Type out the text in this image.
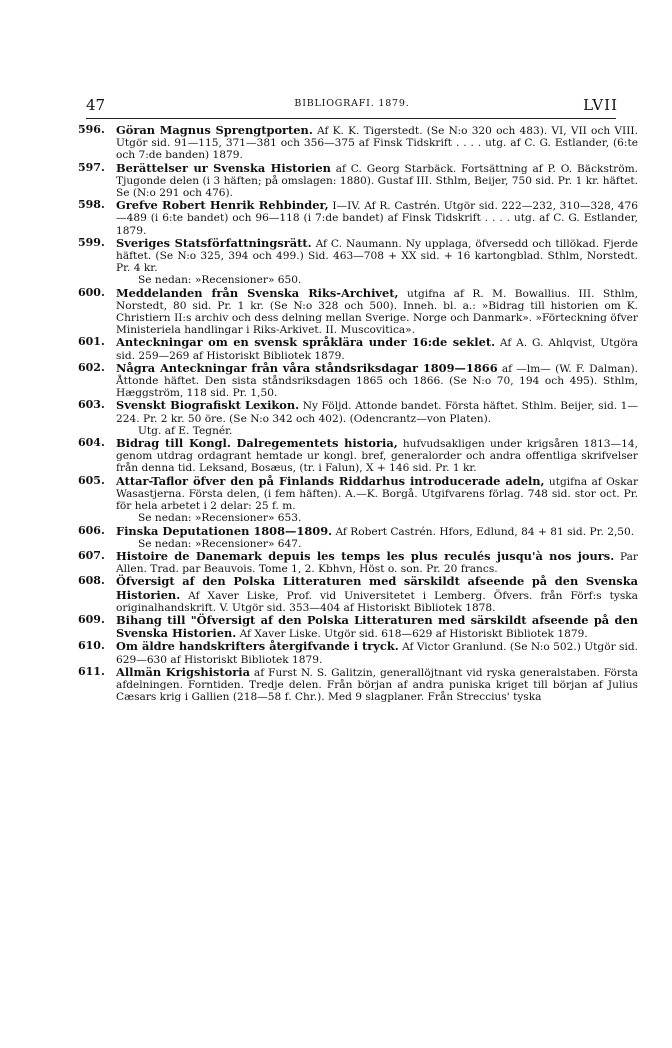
47	BIBLIOGRAFI. 1879.	LVII
596. Göran Magnus Sprengtporten. Af K. K. Tigerstedt. (Se N:o 320 och 483). VI, VII och VIII. Utgör sid. 91—115, 371—381 och 356—375 af Finsk Tidskrift . . . . utg. af C. G. Estlander, (6:te och 7:de banden) 1879.
597. Berättelser ur Svenska Historien af C. Georg Starbäck. Fortsättning af P. O. Bäckström. Tjugonde delen (i 3 häften; på omslagen: 1880). Gustaf III. Sthlm, Beijer, 750 sid. Pr. 1 kr. häftet. Se (N:o 291 och 476).
598. Grefve Robert Henrik Rehbinder, I—IV. Af R. Castrén. Utgör sid. 222—232, 310—328, 476—489 (i 6:te bandet) och 96—118 (i 7:de bandet) af Finsk Tidskrift . . . . utg. af C. G. Estlander, 1879.
599. Sveriges Statsförfattningsrätt. Af C. Naumann. Ny upplaga, öfversedd och tillökad. Fjerde häftet. (Se N:o 325, 394 och 499.) Sid. 463—708 + XX sid. + 16 kartongblad. Sthlm, Norstedt. Pr. 4 kr.
Se nedan: »Recensioner» 650.
600. Meddelanden från Svenska Riks-Archivet, utgifna af R. M. Bowallius. III. Sthlm, Norstedt, 80 sid. Pr. 1 kr. (Se N:o 328 och 500). Inneh. bl. a.: »Bidrag till historien om K. Christiern II:s archiv och dess delning mellan Sverige. Norge och Danmark». »Förteckning öfver Ministeriela handlingar i Riks-Arkivet. II. Muscovitica».
601. Anteckningar om en svensk språklära under 16:de seklet. Af A. G. Ahlqvist, Utgöra sid. 259—269 af Historiskt Bibliotek 1879.
602. Några Anteckningar från våra ståndsriksdagar 1809—1866 af —lm— (W. F. Dalman). Åttonde häftet. Den sista ståndsriksdagen 1865 och 1866. (Se N:o 70, 194 och 495). Sthlm, Hæggström, 118 sid. Pr. 1,50.
603. Svenskt Biografiskt Lexikon. Ny Följd. Attonde bandet. Första häftet. Sthlm. Beijer, sid. 1—224. Pr. 2 kr. 50 öre. (Se N:o 342 och 402). (Odencrantz—von Platen).
Utg. af E. Tegnér.
604. Bidrag till Kongl. Dalregementets historia, hufvudsakligen under krigsåren 1813—14, genom utdrag ordagrant hemtade ur kongl. bref, generalorder och andra offentliga skrifvelser från denna tid. Leksand, Bosæus, (tr. i Falun), X + 146 sid. Pr. 1 kr.
605. Attar-Taflor öfver den på Finlands Riddarhus introducerade adeln, utgifna af Oskar Wasastjerna. Första delen, (i fem häften). A.—K. Borgå. Utgifvarens förlag. 748 sid. stor oct. Pr. för hela arbetet i 2 delar: 25 f. m.
Se nedan: »Recensioner» 653.
606. Finska Deputationen 1808—1809. Af Robert Castrén. Hfors, Edlund, 84 + 81 sid. Pr. 2,50.
Se nedan: »Recensioner» 647.
607. Histoire de Danemark depuis les temps les plus reculés jusqu'à nos jours. Par Allen. Trad. par Beauvois. Tome 1, 2. Kbhvn, Höst o. son. Pr. 20 francs.
608. Öfversigt af den Polska Litteraturen med särskildt afseende på den Svenska Historien. Af Xaver Liske, Prof. vid Universitetet i Lemberg. Öfvers. från Förf:s tyska originalhandskrift. V. Utgör sid. 353—404 af Historiskt Bibliotek 1878.
609. Bihang till "Öfversigt af den Polska Litteraturen med särskildt afseende på den Svenska Historien. Af Xaver Liske. Utgör sid. 618—629 af Historiskt Bibliotek 1879.
610. Om äldre handskrifters återgifvande i tryck. Af Victor Granlund. (Se N:o 502.) Utgör sid. 629—630 af Historiskt Bibliotek 1879.
611. Allmän Krigshistoria af Furst N. S. Galitzin, generallöjtnant vid ryska generalstaben. Första afdelningen. Forntiden. Tredje delen. Från början af andra puniska kriget till början af Julius Cæsars krig i Gallien (218—58 f. Chr.). Med 9 slagplaner. Från Streccius' tyska
